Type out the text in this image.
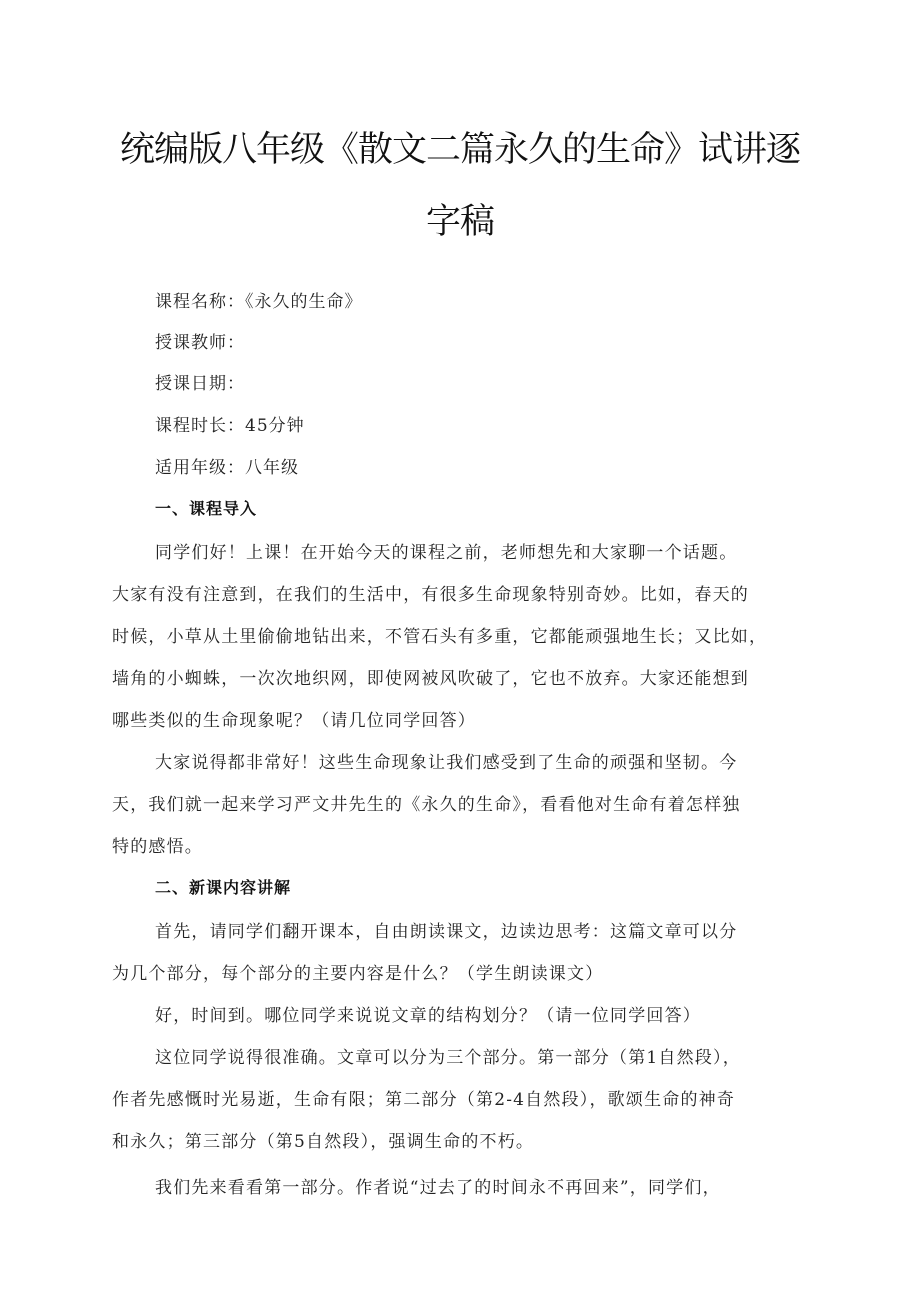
统编版八年级《散文二篇永久的生命》试讲逐
字稿

课程名称：《永久的生命》

授课教师：

授课日期：

课程时长：45分钟

适用年级：八年级

一、课程导入

同学们好！上课！在开始今天的课程之前，老师想先和大家聊一个话题。

大家有没有注意到，在我们的生活中，有很多生命现象特别奇妙。比如，春天的

时候，小草从土里偷偷地钻出来，不管石头有多重，它都能顽强地生长；又比如，

墙角的小蜘蛛，一次次地织网，即使网被风吹破了，它也不放弃。大家还能想到

哪些类似的生命现象呢？（请几位同学回答）

大家说得都非常好！这些生命现象让我们感受到了生命的顽强和坚韧。今

天，我们就一起来学习严文井先生的《永久的生命》，看看他对生命有着怎样独

特的感悟。

二、新课内容讲解

首先，请同学们翻开课本，自由朗读课文，边读边思考：这篇文章可以分

为几个部分，每个部分的主要内容是什么？（学生朗读课文）

好，时间到。哪位同学来说说文章的结构划分？（请一位同学回答）

这位同学说得很准确。文章可以分为三个部分。第一部分（第1自然段），

作者先感慨时光易逝，生命有限；第二部分（第2-4自然段），歌颂生命的神奇

和永久；第三部分（第5自然段），强调生命的不朽。

我们先来看看第一部分。作者说“过去了的时间永不再回来”，同学们，
